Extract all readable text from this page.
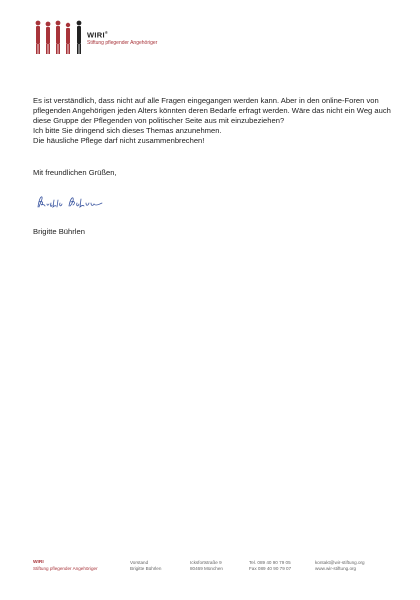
WIRI®
Stiftung pflegender Angehöriger

Es ist verständlich, dass nicht auf alle Fragen eingegangen werden kann. Aber in den online-Foren von pflegenden Angehörigen jeden Alters könnten deren Bedarfe erfragt werden. Wäre das nicht ein Weg auch diese Gruppe der Pflegenden von politischer Seite aus mit einzubeziehen?

Ich bitte Sie dringend sich dieses Themas anzunehmen.

Die häusliche Pflege darf nicht zusammenbrechen!

Mit freundlichen Grüßen,
Brigitte Bührlen
WIRI
Stiftung pflegender Angehöriger
Vorstand
Brigitte Bührlen
Icksfortstraße 9
80469 München
Tel. 089 40 90 79 05
Fax 089 40 90 79 07
kontakt@wir-stiftung.org
www.wir-stiftung.org
